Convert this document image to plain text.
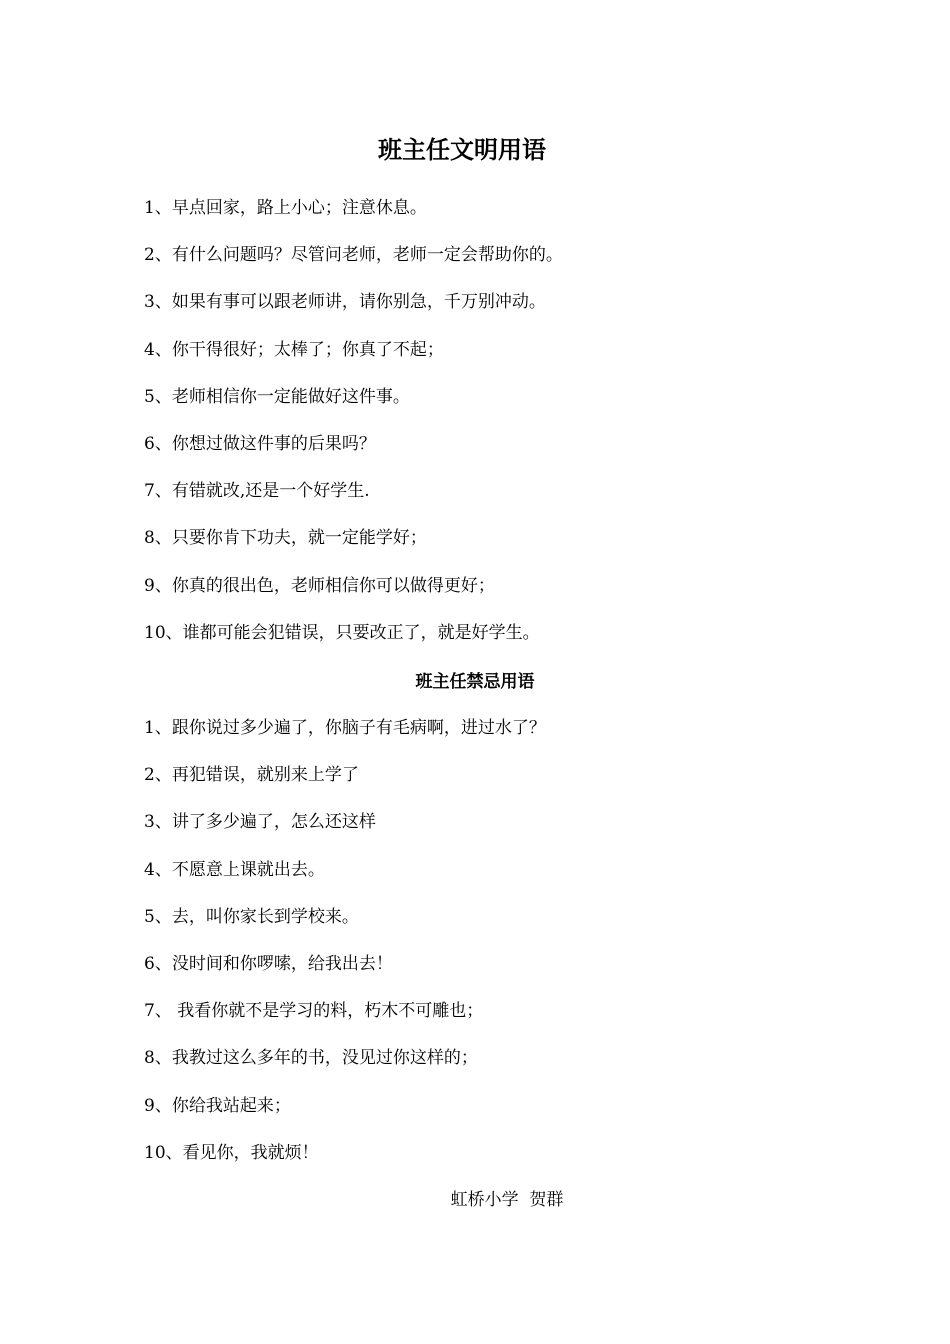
班主任文明用语
1、早点回家，路上小心；注意休息。
2、有什么问题吗？尽管问老师，老师一定会帮助你的。
3、如果有事可以跟老师讲，请你别急，千万别冲动。
4、你干得很好；太棒了；你真了不起；
5、老师相信你一定能做好这件事。
6、你想过做这件事的后果吗？
7、有错就改,还是一个好学生.
8、只要你肯下功夫，就一定能学好；
9、你真的很出色，老师相信你可以做得更好；
10、谁都可能会犯错误，只要改正了，就是好学生。
班主任禁忌用语
1、跟你说过多少遍了，你脑子有毛病啊，进过水了？
2、再犯错误，就别来上学了
3、讲了多少遍了，怎么还这样
4、不愿意上课就出去。
5、去，叫你家长到学校来。
6、没时间和你啰嗦，给我出去！
7、 我看你就不是学习的料，朽木不可雕也；
8、我教过这么多年的书，没见过你这样的；
9、你给我站起来；
10、看见你，我就烦！
虹桥小学  贺群
